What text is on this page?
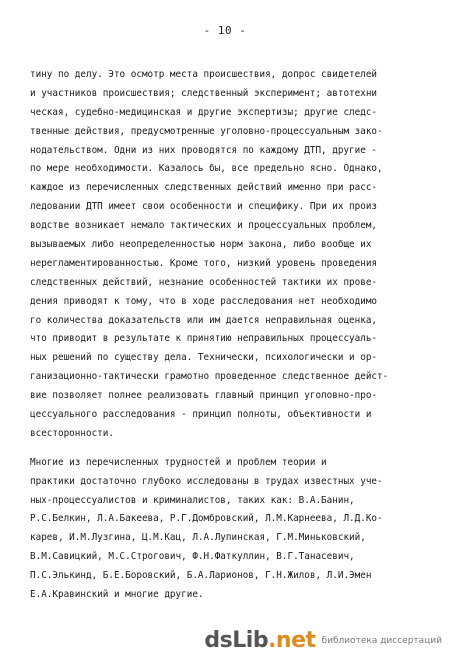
- 10 -
тину по делу. Это осмотр места происшествия, допрос свидетелей
и участников происшествия; следственный эксперимент; автотехни
ческая, судебно-медицинская и другие экспертизы; другие следс-
твенные действия, предусмотренные уголовно-процессуальным зако-
нодательством. Одни из них проводятся по каждому ДТП, другие -
по мере необходимости. Казалось бы, все предельно ясно. Однако,
каждое из перечисленных следственных действий именно при расс-
ледовании ДТП имеет свои особенности и специфику. При их произ
водстве возникает немало тактических и процессуальных проблем,
вызываемых либо неопределенностью норм закона, либо вообще их
нерегламентированностью. Кроме того, низкий уровень проведения
следственных действий, незнание особенностей тактики их прове-
дения приводят к тому, что в ходе расследования нет необходимо
го количества доказательств или им дается неправильная оценка,
что приводит в результате к принятию неправильных процессуаль-
ных решений по существу дела. Технически, психологически и ор-
ганизационно-тактически грамотно проведенное следственное дейст-
вие позволяет полнее реализовать главный принцип уголовно-про-
цессуального расследования - принцип полноты, объективности и
всесторонности.
Многие из перечисленных трудностей и проблем теории и
практики достаточно глубоко исследованы в трудах известных уче-
ных-процессуалистов и криминалистов, таких как: В.А.Банин,
Р.С.Белкин, Л.А.Бакеева, Р.Г.Домбровский, Л.М.Карнеева, Л.Д.Ко-
карев, И.М.Лузгина, Ц.М.Кац, Л.А.Лупинская, Г.М.Миньковский,
В.М.Савицкий, М.С.Строгович, Ф.Н.Фаткуллин, В.Г.Танасевич,
П.С.Элькинд, Б.Е.Боровский, Б.А.Ларионов, Г.Н.Жилов, Л.И.Эмен
Е.А.Кравинский и многие другие.
dsLib.net библиотека диссертаций
